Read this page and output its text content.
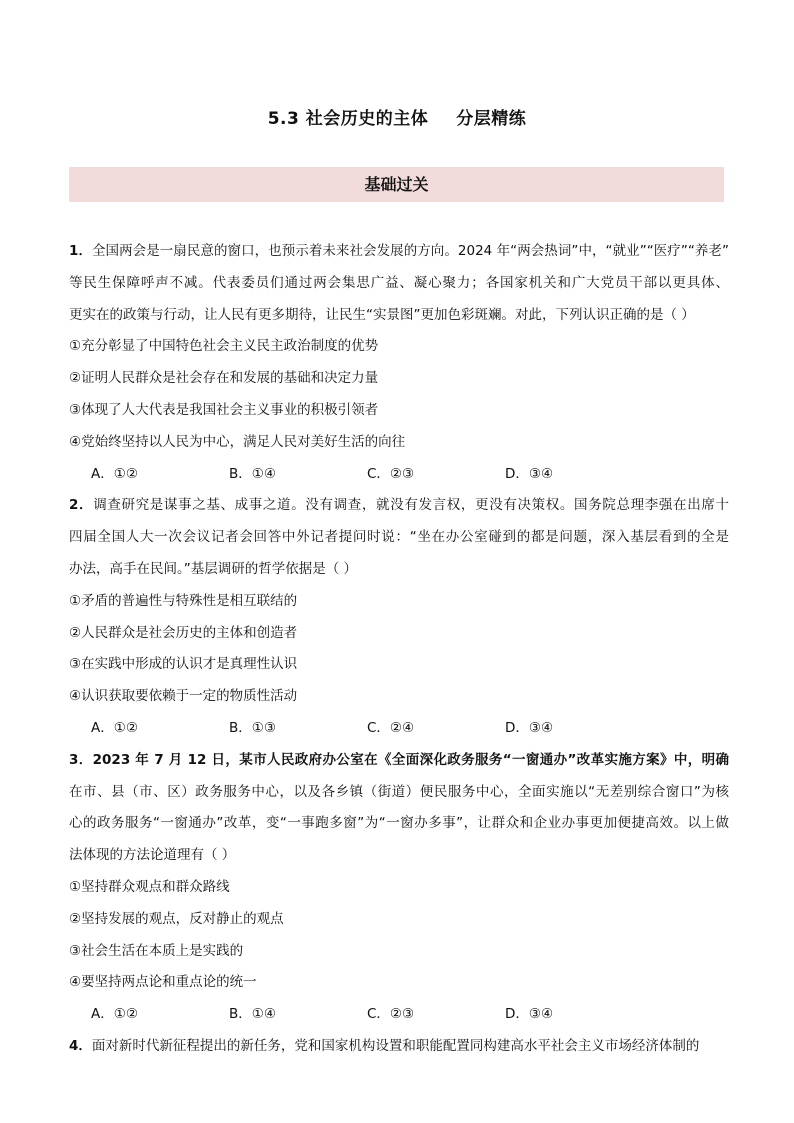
5.3 社会历史的主体 分层精练
基础过关
1．全国两会是一扇民意的窗口，也预示着未来社会发展的方向。2024 年“两会热词”中，“就业”“医疗”“养老”
等民生保障呼声不减。代表委员们通过两会集思广益、凝心聚力；各国家机关和广大党员干部以更具体、
更实在的政策与行动，让人民有更多期待，让民生“实景图”更加色彩斑斓。对此，下列认识正确的是（ ）
①充分彰显了中国特色社会主义民主政治制度的优势
②证明人民群众是社会存在和发展的基础和决定力量
③体现了人大代表是我国社会主义事业的积极引领者
④党始终坚持以人民为中心，满足人民对美好生活的向往
A．①②	B．①④	C．②③	D．③④
2．调查研究是谋事之基、成事之道。没有调查，就没有发言权，更没有决策权。国务院总理李强在出席十
四届全国人大一次会议记者会回答中外记者提问时说：“坐在办公室碰到的都是问题，深入基层看到的全是
办法，高手在民间。”基层调研的哲学依据是（ ）
①矛盾的普遍性与特殊性是相互联结的
②人民群众是社会历史的主体和创造者
③在实践中形成的认识才是真理性认识
④认识获取要依赖于一定的物质性活动
A．①②	B．①③	C．②④	D．③④
3．2023 年 7 月 12 日，某市人民政府办公室在《全面深化政务服务“一窗通办”改革实施方案》中，明确
在市、县（市、区）政务服务中心，以及各乡镇（街道）便民服务中心，全面实施以“无差别综合窗口”为核
心的政务服务“一窗通办”改革，变“一事跑多窗”为“一窗办多事”，让群众和企业办事更加便捷高效。以上做
法体现的方法论道理有（ ）
①坚持群众观点和群众路线
②坚持发展的观点，反对静止的观点
③社会生活在本质上是实践的
④要坚持两点论和重点论的统一
A．①②	B．①④	C．②③	D．③④
4．面对新时代新征程提出的新任务，党和国家机构设置和职能配置同构建高水平社会主义市场经济体制的
